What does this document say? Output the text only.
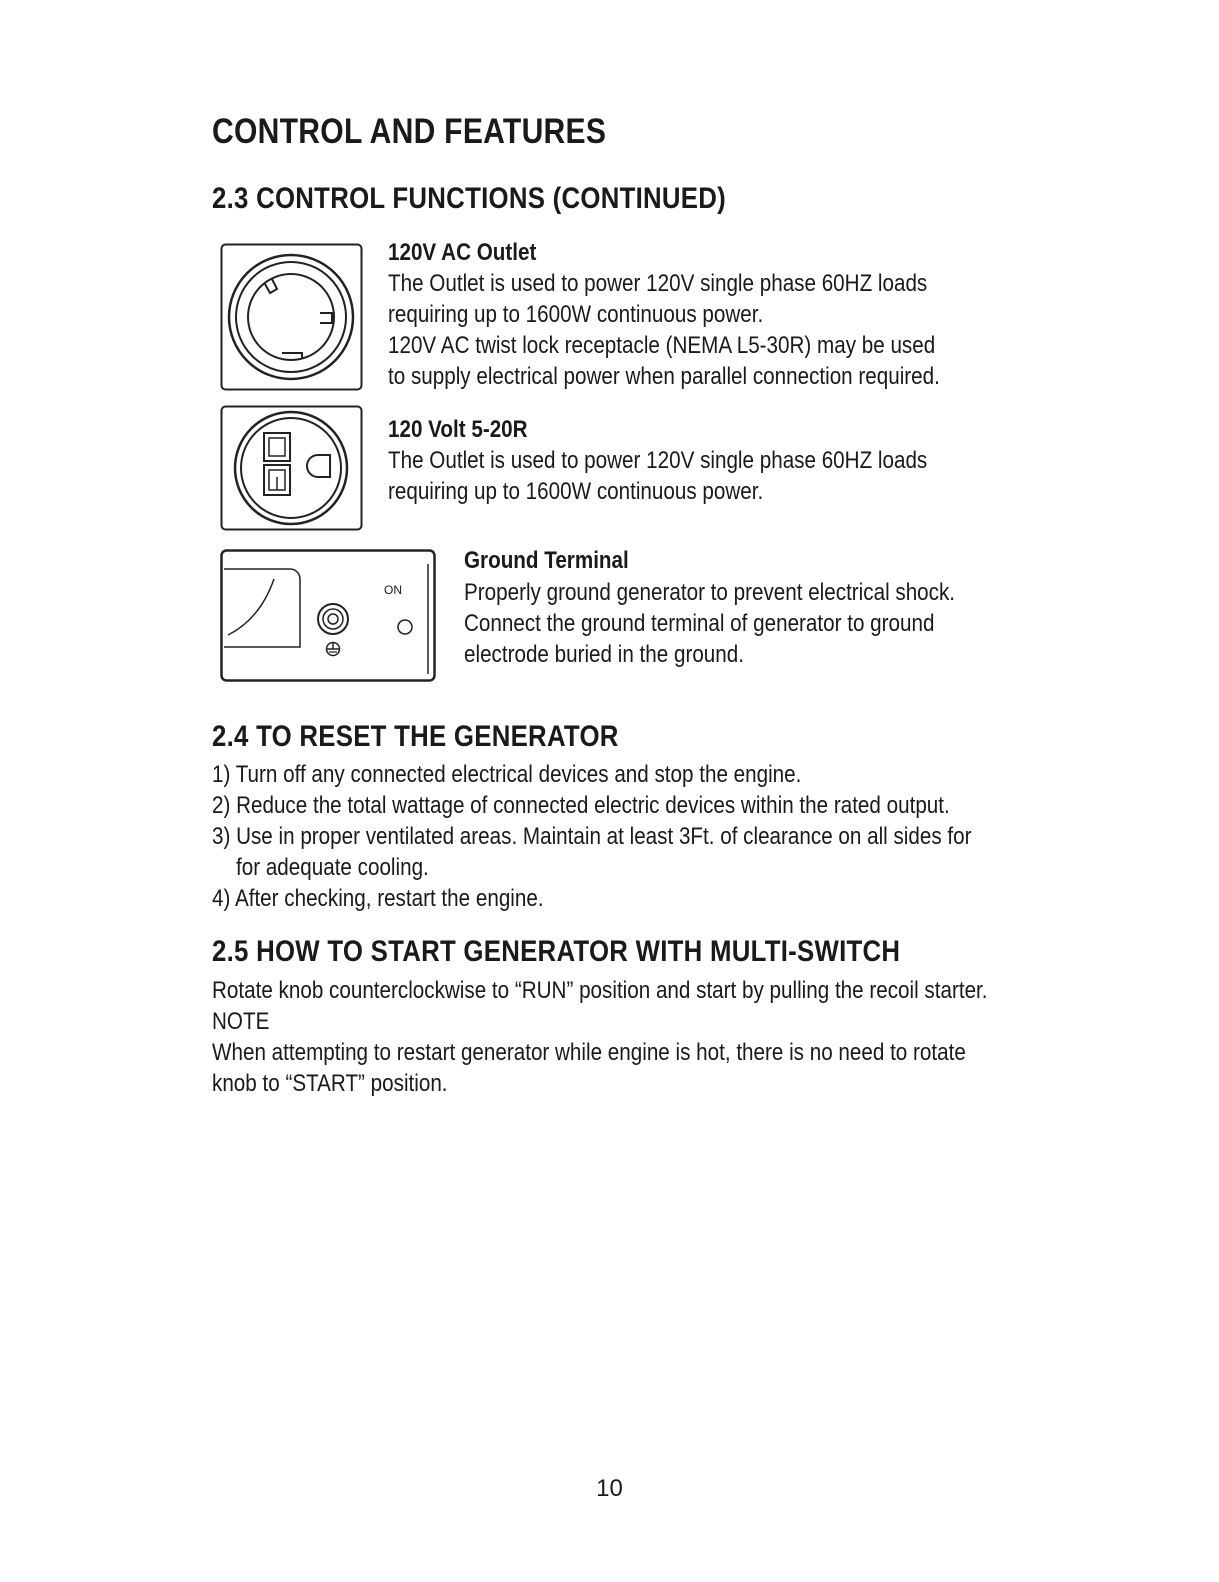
CONTROL AND FEATURES
2.3 CONTROL FUNCTIONS (CONTINUED)
120V AC Outlet
The Outlet is used to power 120V single phase 60HZ loads
requiring up to 1600W continuous power.
120V AC twist lock receptacle (NEMA L5-30R) may be used
to supply electrical power when parallel connection required.
120 Volt 5-20R
The Outlet is used to power 120V single phase 60HZ loads
requiring up to 1600W continuous power.
ON
Ground Terminal
Properly ground generator to prevent electrical shock.
Connect the ground terminal of generator to ground
electrode buried in the ground.
2.4 TO RESET THE GENERATOR
1) Turn off any connected electrical devices and stop the engine.
2) Reduce the total wattage of connected electric devices within the rated output.
3) Use in proper ventilated areas. Maintain at least 3Ft. of clearance on all sides for
for adequate cooling.
4) After checking, restart the engine.
2.5 HOW TO START GENERATOR WITH MULTI-SWITCH
Rotate knob counterclockwise to “RUN” position and start by pulling the recoil starter.
NOTE
When attempting to restart generator while engine is hot, there is no need to rotate
knob to “START” position.
10
